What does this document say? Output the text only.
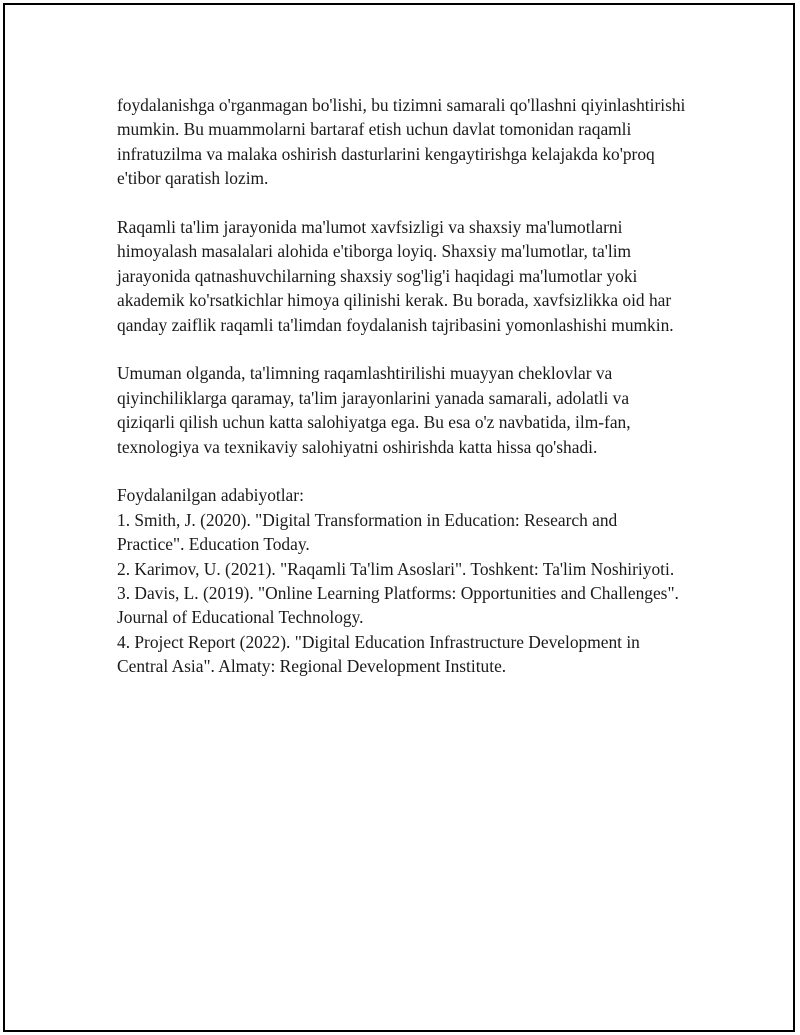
foydalanishga o'rganmagan bo'lishi, bu tizimni samarali qo'llashni qiyinlashtirishi mumkin. Bu muammolarni bartaraf etish uchun davlat tomonidan raqamli infratuzilma va malaka oshirish dasturlarini kengaytirishga kelajakda ko'proq e'tibor qaratish lozim.

Raqamli ta'lim jarayonida ma'lumot xavfsizligi va shaxsiy ma'lumotlarni himoyalash masalalari alohida e'tiborga loyiq. Shaxsiy ma'lumotlar, ta'lim jarayonida qatnashuvchilarning shaxsiy sog'lig'i haqidagi ma'lumotlar yoki akademik ko'rsatkichlar himoya qilinishi kerak. Bu borada, xavfsizlikka oid har qanday zaiflik raqamli ta'limdan foydalanish tajribasini yomonlashishi mumkin.

Umuman olganda, ta'limning raqamlashtirilishi muayyan cheklovlar va qiyinchiliklarga qaramay, ta'lim jarayonlarini yanada samarali, adolatli va qiziqarli qilish uchun katta salohiyatga ega. Bu esa o'z navbatida, ilm-fan, texnologiya va texnikaviy salohiyatni oshirishda katta hissa qo'shadi.

Foydalanilgan adabiyotlar:

1. Smith, J. (2020). "Digital Transformation in Education: Research and Practice". Education Today.

2. Karimov, U. (2021). "Raqamli Ta'lim Asoslari". Toshkent: Ta'lim Noshiriyoti.

3. Davis, L. (2019). "Online Learning Platforms: Opportunities and Challenges". Journal of Educational Technology.

4. Project Report (2022). "Digital Education Infrastructure Development in Central Asia". Almaty: Regional Development Institute.
